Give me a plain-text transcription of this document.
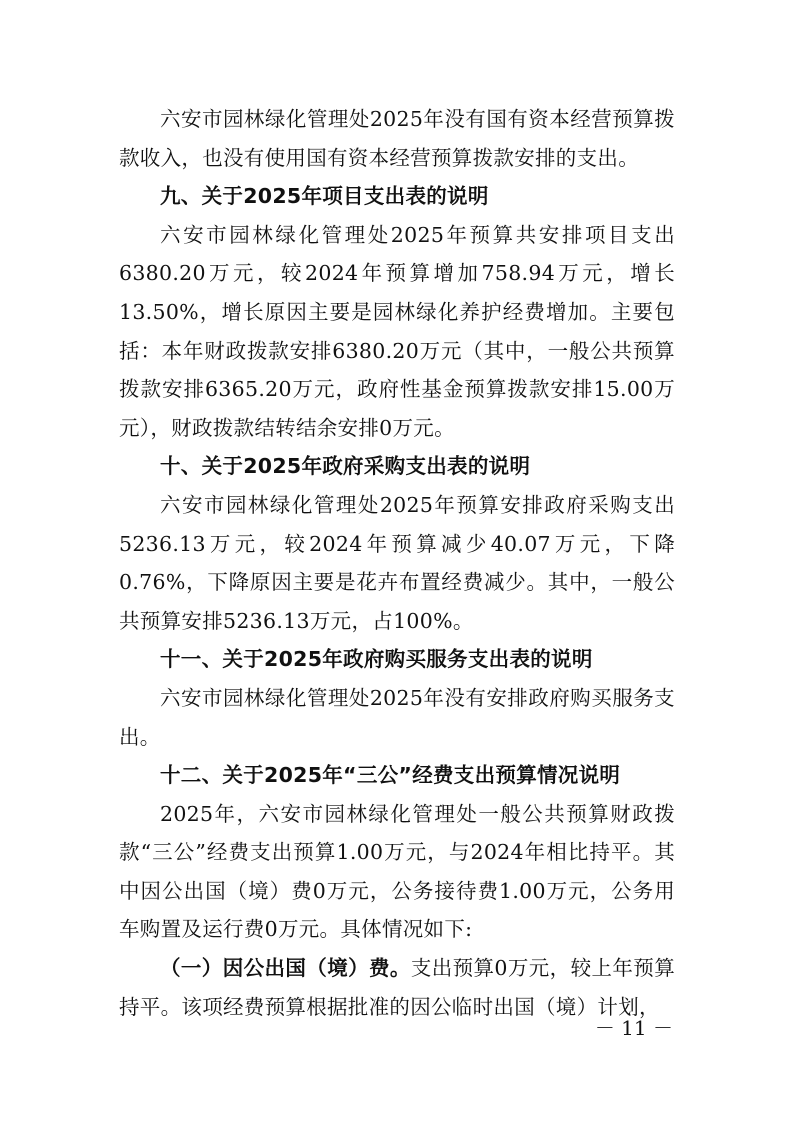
六安市园林绿化管理处2025年没有国有资本经营预算拨款收入，也没有使用国有资本经营预算拨款安排的支出。

九、关于2025年项目支出表的说明

六安市园林绿化管理处2025年预算共安排项目支出6380.20万元，较2024年预算增加758.94万元，增长13.50%，增长原因主要是园林绿化养护经费增加。主要包括：本年财政拨款安排6380.20万元（其中，一般公共预算拨款安排6365.20万元，政府性基金预算拨款安排15.00万元），财政拨款结转结余安排0万元。

十、关于2025年政府采购支出表的说明

六安市园林绿化管理处2025年预算安排政府采购支出5236.13万元，较2024年预算减少40.07万元，下降0.76%，下降原因主要是花卉布置经费减少。其中，一般公共预算安排5236.13万元，占100%。

十一、关于2025年政府购买服务支出表的说明

六安市园林绿化管理处2025年没有安排政府购买服务支出。

十二、关于2025年“三公”经费支出预算情况说明

2025年，六安市园林绿化管理处一般公共预算财政拨款“三公”经费支出预算1.00万元，与2024年相比持平。其中因公出国（境）费0万元，公务接待费1.00万元，公务用车购置及运行费0万元。具体情况如下:

（一）因公出国（境）费。支出预算0万元，较上年预算持平。该项经费预算根据批准的因公临时出国（境）计划，

－ 11 －
